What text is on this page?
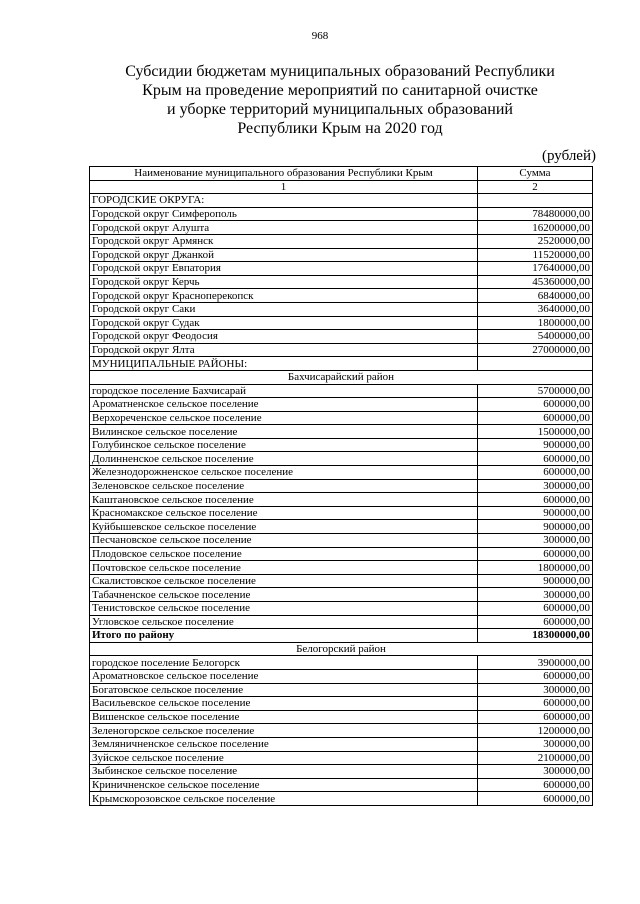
968
Субсидии бюджетам муниципальных образований Республики
Крым на проведение мероприятий по санитарной очистке
и уборке территорий муниципальных образований
Республики Крым на 2020 год
(рублей)
Наименование муниципального образования Республики Крым	Сумма
1	2
ГОРОДСКИЕ ОКРУГА:	
Городской округ Симферополь	78480000,00
Городской округ Алушта	16200000,00
Городской округ Армянск	2520000,00
Городской округ Джанкой	11520000,00
Городской округ Евпатория	17640000,00
Городской округ Керчь	45360000,00
Городской округ Красноперекопск	6840000,00
Городской округ Саки	3640000,00
Городской округ Судак	1800000,00
Городской округ Феодосия	5400000,00
Городской округ Ялта	27000000,00
МУНИЦИПАЛЬНЫЕ РАЙОНЫ:	
Бахчисарайский район	
городское поселение Бахчисарай	5700000,00
Ароматненское сельское поселение	600000,00
Верхореченское сельское поселение	600000,00
Вилинское сельское поселение	1500000,00
Голубинское сельское поселение	900000,00
Долинненское сельское поселение	600000,00
Железнодорожненское сельское поселение	600000,00
Зеленовское сельское поселение	300000,00
Каштановское сельское поселение	600000,00
Красномакское сельское поселение	900000,00
Куйбышевское сельское поселение	900000,00
Песчановское сельское поселение	300000,00
Плодовское сельское поселение	600000,00
Почтовское сельское поселение	1800000,00
Скалистовское сельское поселение	900000,00
Табачненское сельское поселение	300000,00
Тенистовское сельское поселение	600000,00
Угловское сельское поселение	600000,00
Итого по району	18300000,00
Белогорский район	
городское поселение Белогорск	3900000,00
Ароматновское сельское поселение	600000,00
Богатовское сельское поселение	300000,00
Васильевское сельское поселение	600000,00
Вишенское сельское поселение	600000,00
Зеленогорское сельское поселение	1200000,00
Земляничненское сельское поселение	300000,00
Зуйское сельское поселение	2100000,00
Зыбинское сельское поселение	300000,00
Криничненское сельское поселение	600000,00
Крымскорозовское сельское поселение	600000,00
